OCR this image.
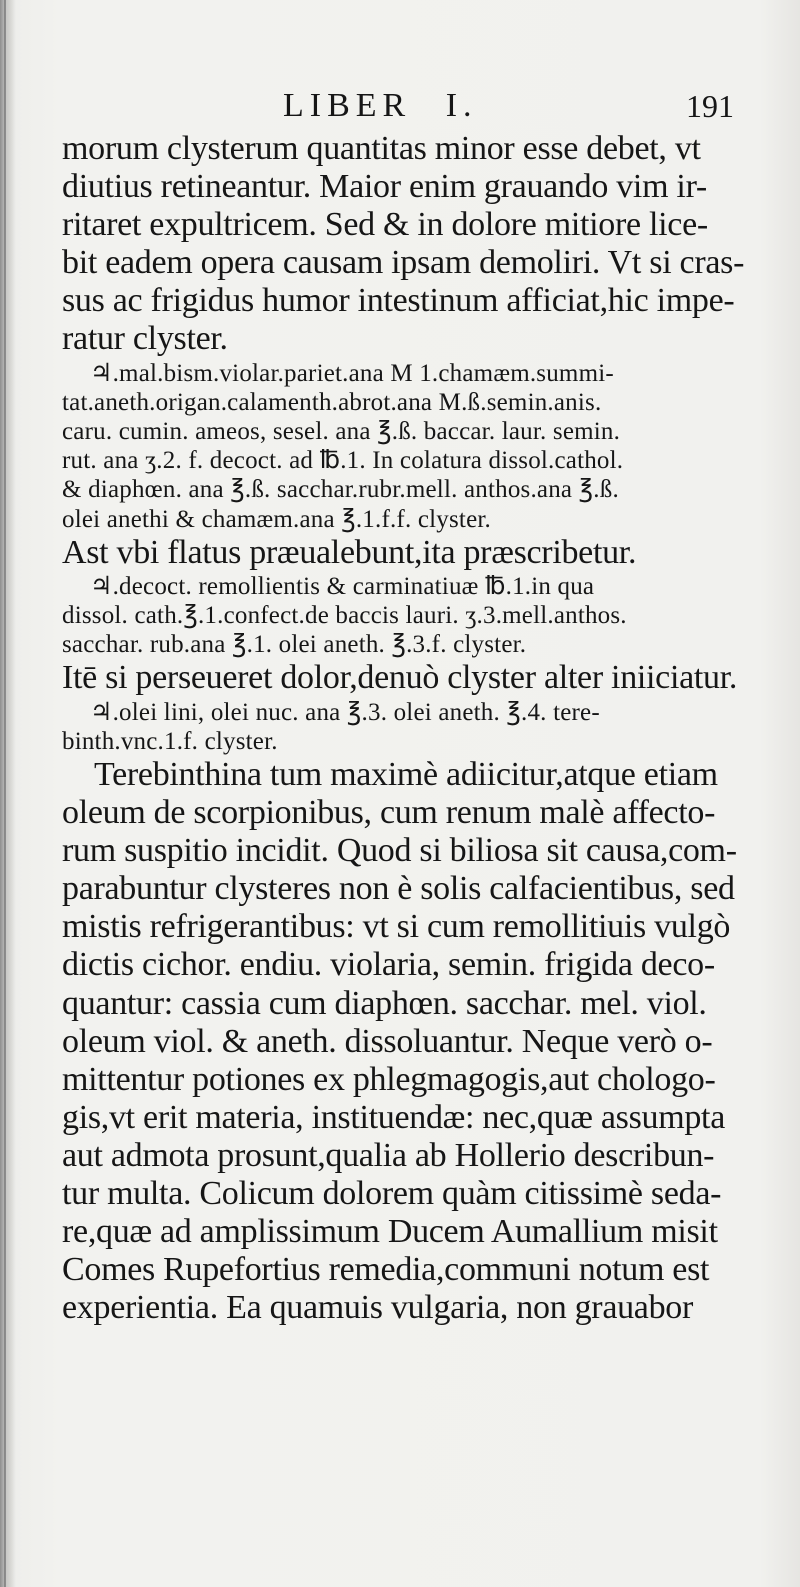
LIBER I.	191
morum clysterum quantitas minor esse debet, vt
diutius retineantur. Maior enim grauando vim ir-
ritaret expultricem. Sed & in dolore mitiore lice-
bit eadem opera causam ipsam demoliri. Vt si cras-
sus ac frigidus humor intestinum afficiat,hic impe-
ratur clyster.
♃.mal.bism.violar.pariet.ana M 1.chamæm.summi-
tat.aneth.origan.calamenth.abrot.ana M.ß.semin.anis.
caru. cumin. ameos, sesel. ana ℥.ß. baccar. laur. semin.
rut. ana ʒ.2. f. decoct. ad ℔.1. In colatura dissol.cathol.
& diaphœn. ana ℥.ß. sacchar.rubr.mell. anthos.ana ℥.ß.
olei anethi & chamæm.ana ℥.1.f.f. clyster.
Ast vbi flatus præualebunt,ita præscribetur.
♃.decoct. remollientis & carminatiuæ ℔.1.in qua
dissol. cath.℥.1.confect.de baccis lauri. ʒ.3.mell.anthos.
sacchar. rub.ana ℥.1. olei aneth. ℥.3.f. clyster.
Itē si perseueret dolor,denuò clyster alter iniiciatur.
♃.olei lini, olei nuc. ana ℥.3. olei aneth. ℥.4. tere-
binth.vnc.1.f. clyster.
Terebinthina tum maximè adiicitur,atque etiam
oleum de scorpionibus, cum renum malè affecto-
rum suspitio incidit. Quod si biliosa sit causa,com-
parabuntur clysteres non è solis calfacientibus, sed
mistis refrigerantibus: vt si cum remollitiuis vulgò
dictis cichor. endiu. violaria, semin. frigida deco-
quantur: cassia cum diaphœn. sacchar. mel. viol.
oleum viol. & aneth. dissoluantur. Neque verò o-
mittentur potiones ex phlegmagogis,aut chologo-
gis,vt erit materia, instituendæ: nec,quæ assumpta
aut admota prosunt,qualia ab Hollerio describun-
tur multa. Colicum dolorem quàm citissimè seda-
re,quæ ad amplissimum Ducem Aumallium misit
Comes Rupefortius remedia,communi notum est
experientia. Ea quamuis vulgaria, non grauabor
